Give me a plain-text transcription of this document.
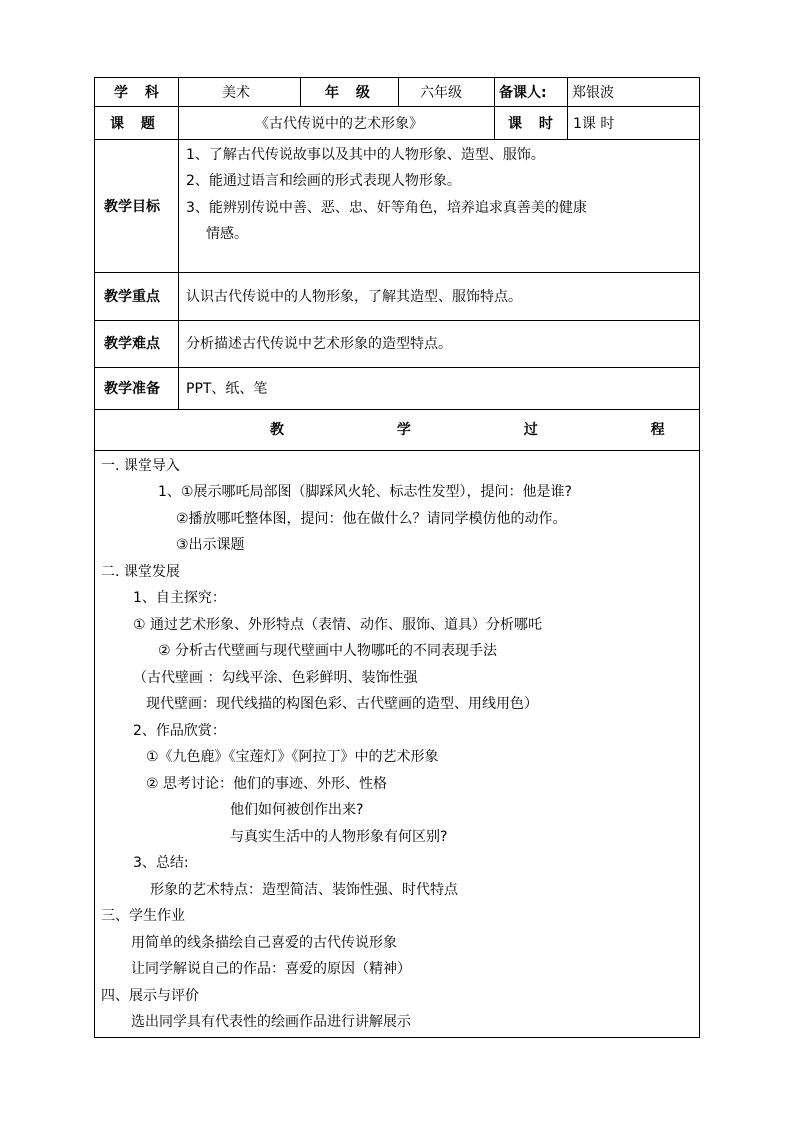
学 科	美术	年 级	六年级	备课人: 郑银波
课 题	《古代传说中的艺术形象》	课 时 1课 时
教学目标
1、了解古代传说故事以及其中的人物形象、造型、服饰。
2、能通过语言和绘画的形式表现人物形象。
3、能辨别传说中善、恶、忠、奸等角色，培养追求真善美的健康
情感。
教学重点 认识古代传说中的人物形象，了解其造型、服饰特点。
教学难点 分析描述古代传说中艺术形象的造型特点。
教学准备 PPT、纸、笔
教 学 过 程
一. 课堂导入
1、①展示哪吒局部图（脚踩风火轮、标志性发型），提问：他是谁?
②播放哪吒整体图，提问：他在做什么？请同学模仿他的动作。
③出示课题
二. 课堂发展
1、自主探究：
① 通过艺术形象、外形特点（表情、动作、服饰、道具）分析哪吒
② 分析古代壁画与现代壁画中人物哪吒的不同表现手法
（古代壁画 ：勾线平涂、色彩鲜明、装饰性强
现代壁画：现代线描的构图色彩、古代壁画的造型、用线用色）
2、作品欣赏：
①《九色鹿》《宝莲灯》《阿拉丁》中的艺术形象
② 思考讨论：他们的事迹、外形、性格
他们如何被创作出来?
与真实生活中的人物形象有何区别?
3、总结:
形象的艺术特点：造型简洁、装饰性强、时代特点
三、学生作业
用简单的线条描绘自己喜爱的古代传说形象
让同学解说自己的作品：喜爱的原因（精神）
四、展示与评价
选出同学具有代表性的绘画作品进行讲解展示
